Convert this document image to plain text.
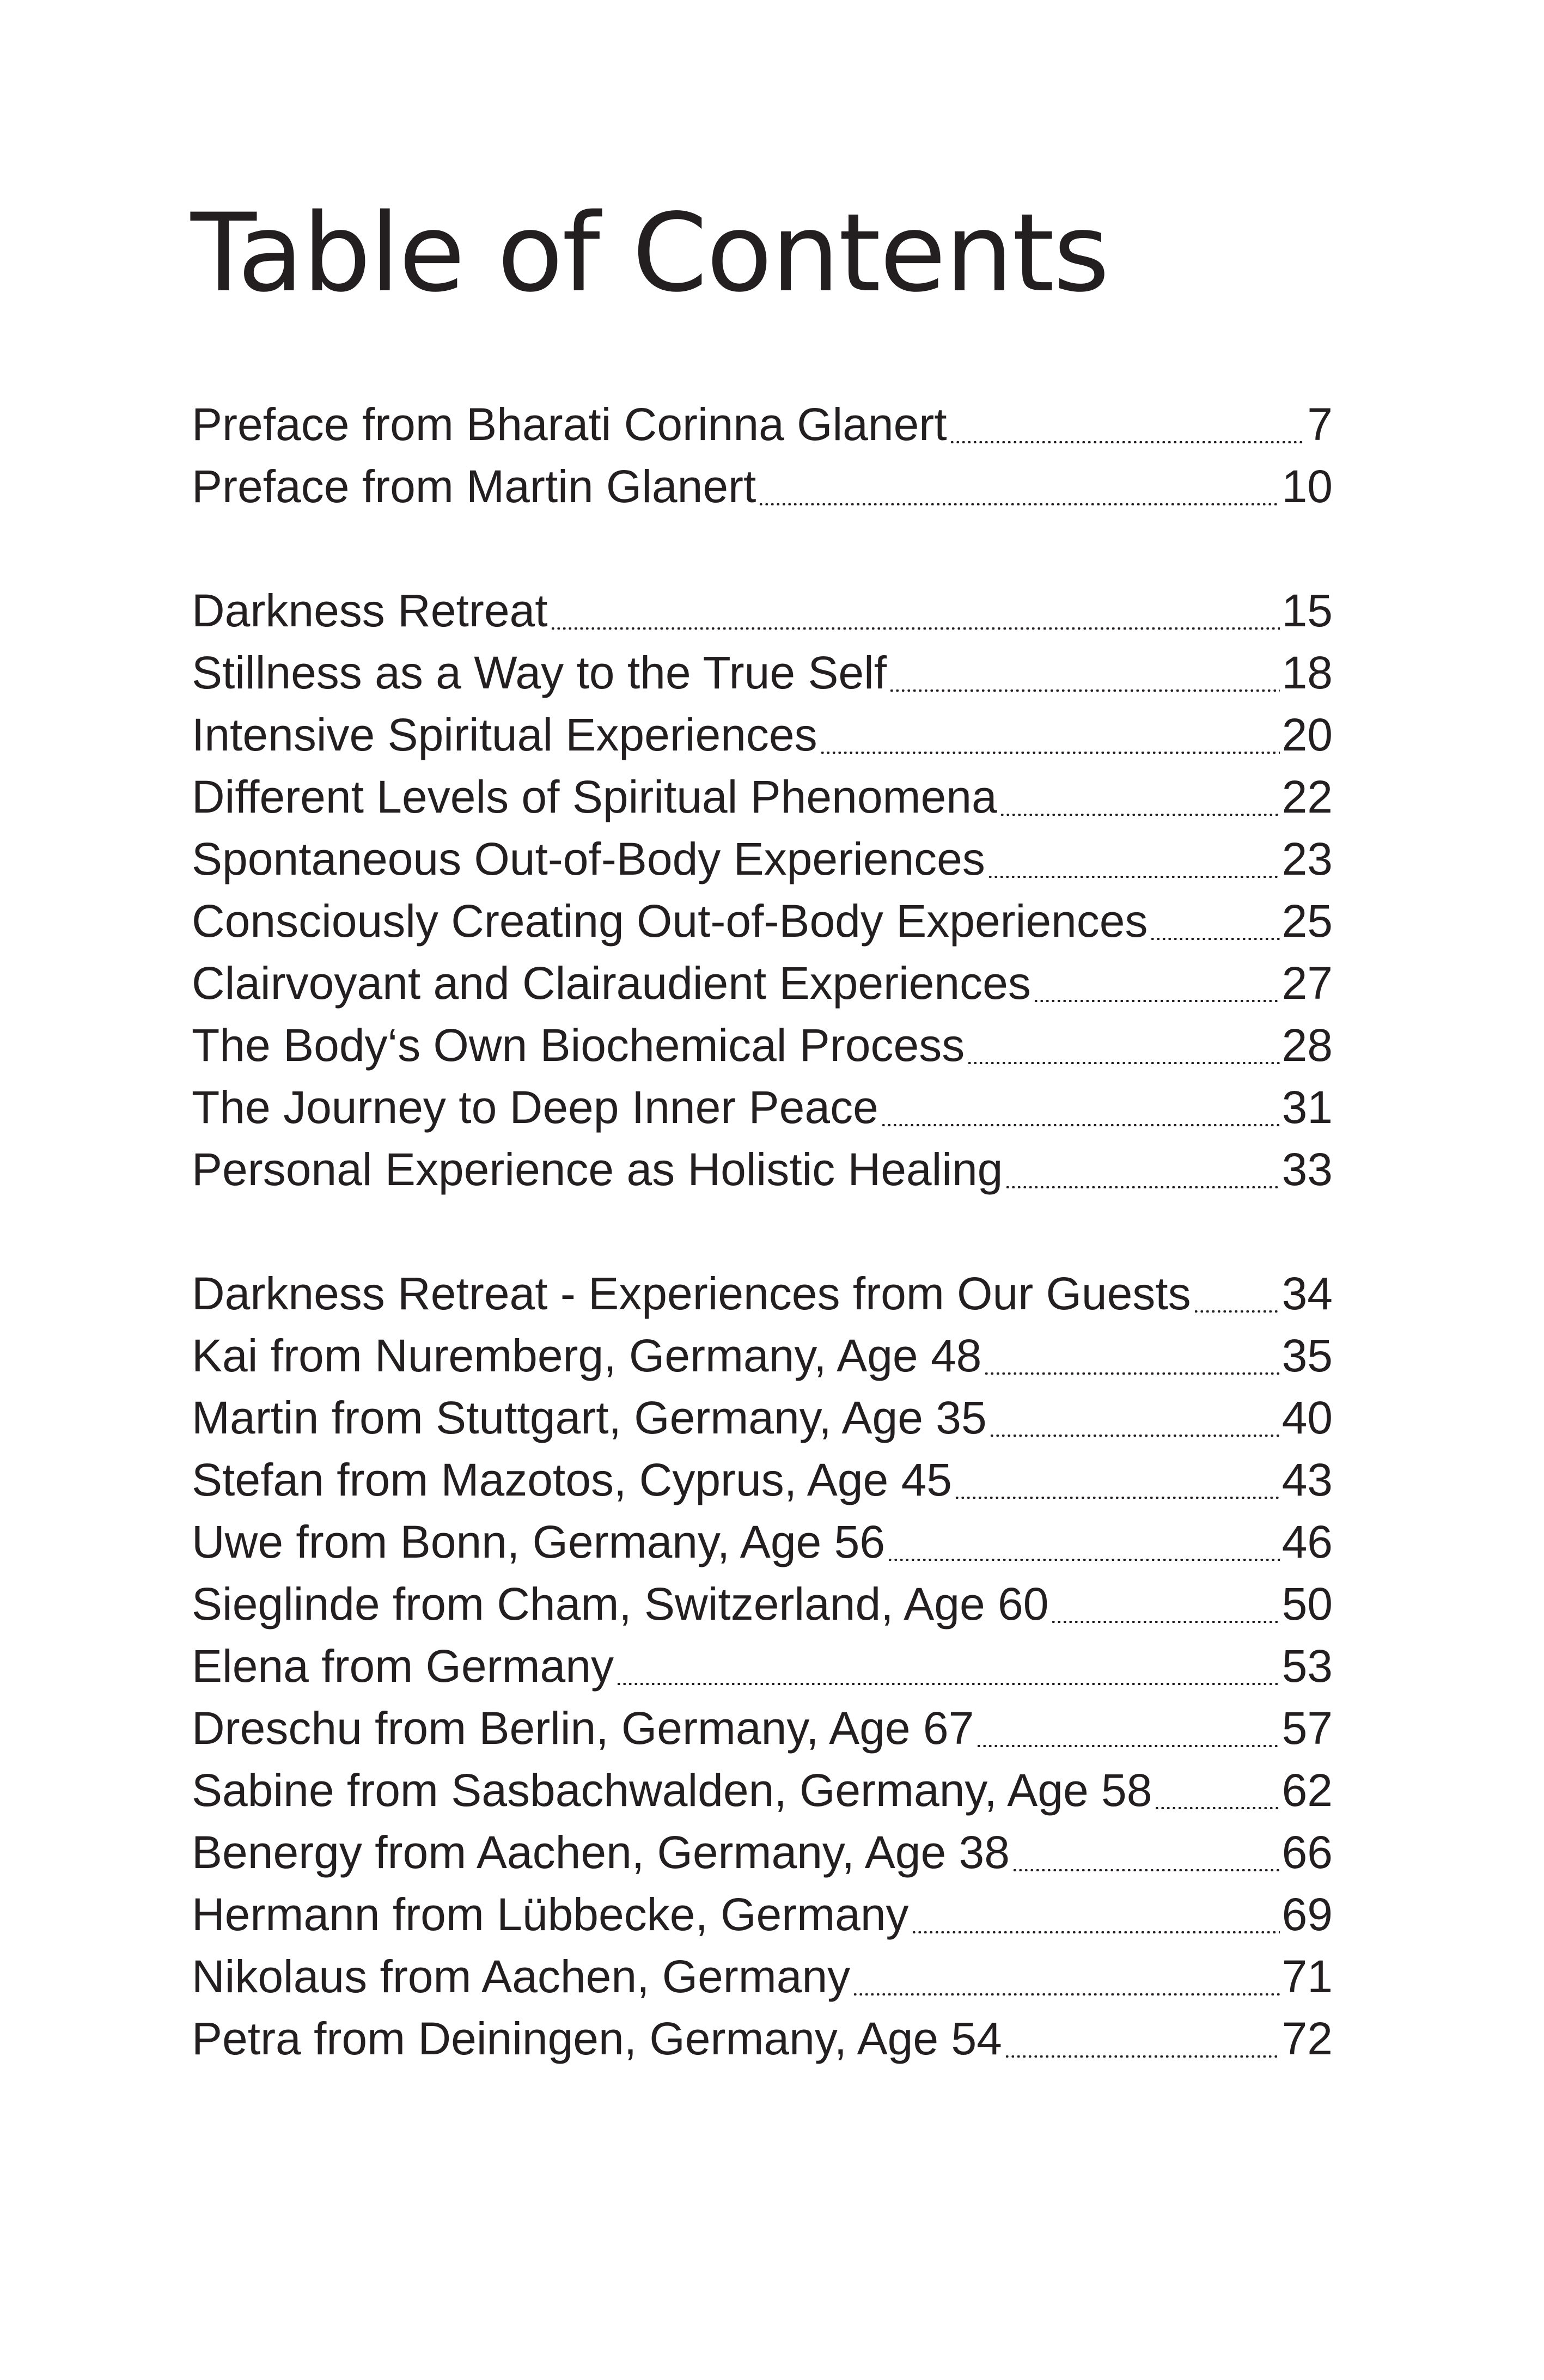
Table of Contents
Preface from Bharati Corinna Glanert	7
Preface from Martin Glanert	10
Darkness Retreat	15
Stillness as a Way to the True Self	18
Intensive Spiritual Experiences	20
Different Levels of Spiritual Phenomena	22
Spontaneous Out-of-Body Experiences	23
Consciously Creating Out-of-Body Experiences	25
Clairvoyant and Clairaudient Experiences	27
The Body‘s Own Biochemical Process	28
The Journey to Deep Inner Peace	31
Personal Experience as Holistic Healing	33
Darkness Retreat - Experiences from Our Guests 34
Kai from Nuremberg, Germany, Age 48	35
Martin from Stuttgart, Germany, Age 35	40
Stefan from Mazotos, Cyprus, Age 45	43
Uwe from Bonn, Germany, Age 56	46
Sieglinde from Cham, Switzerland, Age 60	50
Elena from Germany	53
Dreschu from Berlin, Germany, Age 67	57
Sabine from Sasbachwalden, Germany, Age 58	62
Benergy from Aachen, Germany, Age 38	66
Hermann from Lübbecke, Germany	69
Nikolaus from Aachen, Germany	71
Petra from Deiningen, Germany, Age 54	72
